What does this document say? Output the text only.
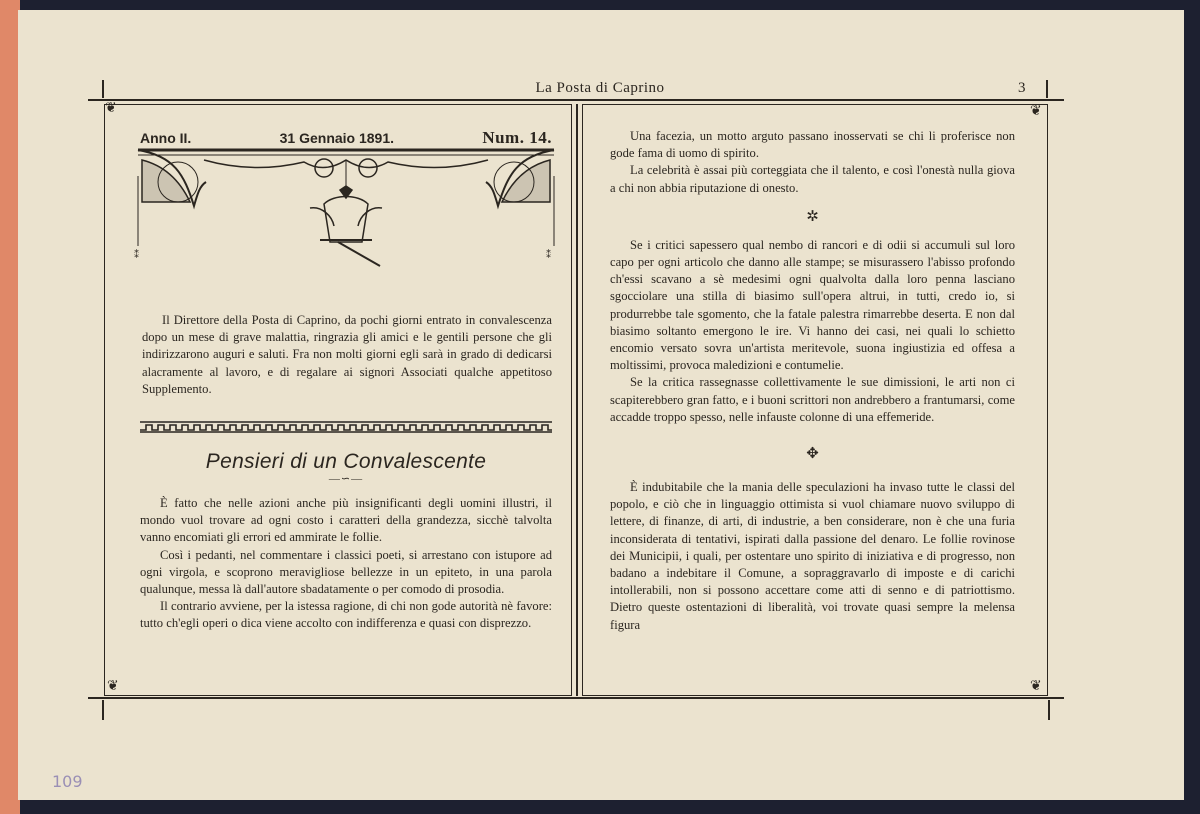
❦	❦
❦	❦
La Posta di Caprino	3
Anno II.	31 Gennaio 1891.	Num. 14.
⁑	⁑

Il Direttore della Posta di Caprino, da pochi giorni entrato in convalescenza dopo un mese di grave malattia, ringrazia gli amici e le gentili persone che gli indirizzarono auguri e saluti. Fra non molti giorni egli sarà in grado di dedicarsi alacramente al lavoro, e di regalare ai signori Associati qualche appetitoso Supplemento.

Pensieri di un Convalescente
—∽—

È fatto che nelle azioni anche più insignificanti degli uomini illustri, il mondo vuol trovare ad ogni costo i caratteri della grandezza, sicchè talvolta vanno encomiati gli errori ed ammirate le follie.

Così i pedanti, nel commentare i classici poeti, si arrestano con istupore ad ogni virgola, e scoprono meravigliose bellezze in un epiteto, in una parola qualunque, messa là dall'autore sbadatamente o per comodo di prosodia.

Il contrario avviene, per la istessa ragione, di chi non gode autorità nè favore: tutto ch'egli operi o dica viene accolto con indifferenza e quasi con disprezzo.

Una facezia, un motto arguto passano inosservati se chi li proferisce non gode fama di uomo di spirito.

La celebrità è assai più corteggiata che il talento, e così l'onestà nulla giova a chi non abbia riputazione di onesto.

✲

Se i critici sapessero qual nembo di rancori e di odii si accumuli sul loro capo per ogni articolo che danno alle stampe; se misurassero l'abisso profondo ch'essi scavano a sè medesimi ogni qualvolta dalla loro penna lasciano sgocciolare una stilla di biasimo sull'opera altrui, in tutti, credo io, si produrrebbe tale sgomento, che la fatale palestra rimarrebbe deserta. E non dal biasimo soltanto emergono le ire. Vi hanno dei casi, nei quali lo schietto encomio versato sovra un'artista meritevole, suona ingiustizia ed offesa a moltissimi, provoca maledizioni e contumelie.

Se la critica rassegnasse collettivamente le sue dimissioni, le arti non ci scapiterebbero gran fatto, e i buoni scrittori non andrebbero a frantumarsi, come accadde troppo spesso, nelle infauste colonne di una effemeride.

✥

È indubitabile che la mania delle speculazioni ha invaso tutte le classi del popolo, e ciò che in linguaggio ottimista si vuol chiamare nuovo sviluppo di lettere, di finanze, di arti, di industrie, a ben considerare, non è che una furia inconsiderata di tentativi, ispirati dalla passione del denaro. Le follie rovinose dei Municipii, i quali, per ostentare uno spirito di iniziativa e di progresso, non badano a indebitare il Comune, a sopraggravarlo di imposte e di carichi intollerabili, non si possono accettare come atti di senno e di patriottismo. Dietro queste ostentazioni di liberalità, voi trovate quasi sempre la melensa figura

109
